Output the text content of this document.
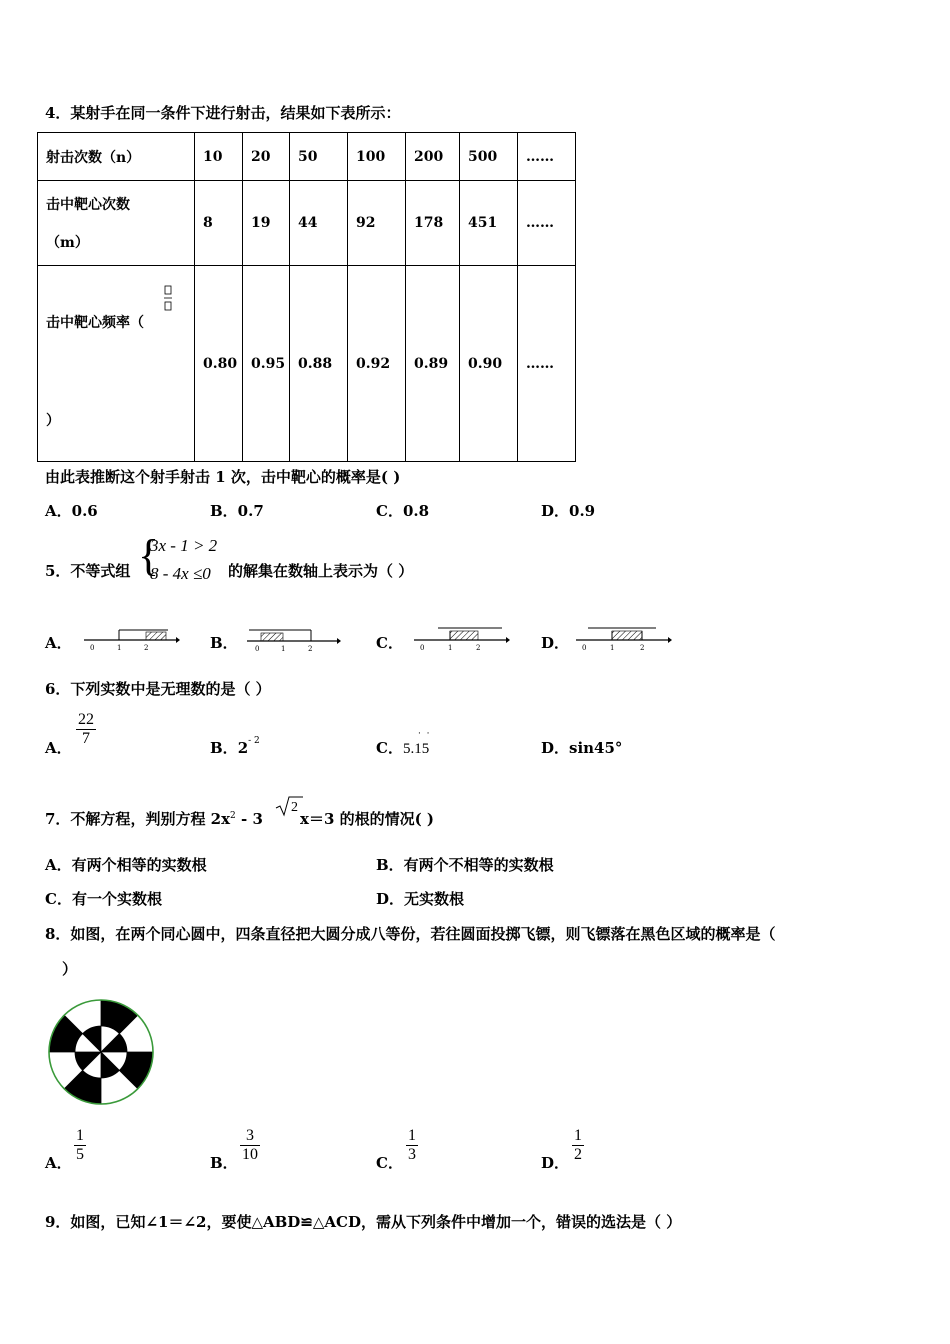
4．某射手在同一条件下进行射击，结果如下表所示：
射击次数（n）	10	20	50	100	200	500	……

击中靶心次数
（m）	8	19	44	92	178	451	……

击中靶心频率（
）	0.80	0.95	0.88	0.92	0.89	0.90	……
由此表推断这个射手射击 1 次，击中靶心的概率是( )
A．0.6	B．0.7	C．0.8	D．0.9
5．不等式组 {
3x - 1 > 2
8 - 4x ≤0 的解集在数轴上表示为（ ）
A．	0	1	2	B． 0	1	2	C． 0	1	2	D． 0	1	2
6．下列实数中是无理数的是（ ）
A． $\frac{22}{7}$	B．$2^{- 2}$	C．5.15
·  ·
D．sin45°
7．不解方程，判别方程 $2x^2 - 3$
2
x＝3 的根的情况( )
A．有两个相等的实数根	B．有两个不相等的实数根
C．有一个实数根	D．无实数根
8．如图，在两个同心圆中，四条直径把大圆分成八等份，若往圆面投掷飞镖，则飞镖落在黑色区域的概率是（
）
A． $\frac{1}{5}$	B． $\frac{3}{10}$	C． $\frac{1}{3}$	D． $\frac{1}{2}$
9．如图，已知∠1＝∠2，要使△ABD≌△ACD，需从下列条件中增加一个，错误的选法是（ ）
